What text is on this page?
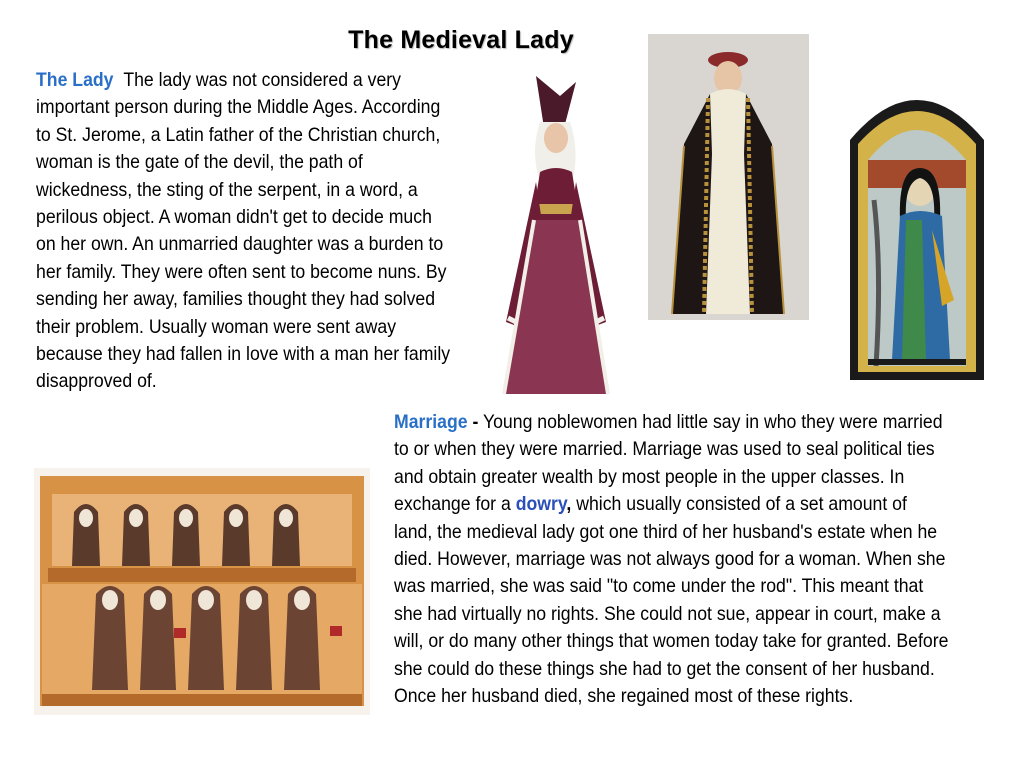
The Medieval Lady
The Lady The lady was not considered a very important person during the Middle Ages. According to St. Jerome, a Latin father of the Christian church, woman is the gate of the devil, the path of wickedness, the sting of the serpent, in a word, a perilous object. A woman didn't get to decide much on her own. An unmarried daughter was a burden to her family. They were often sent to become nuns. By sending her away, families thought they had solved their problem. Usually woman were sent away because they had fallen in love with a man her family disapproved of.
Marriage - Young noblewomen had little say in who they were married to or when they were married. Marriage was used to seal political ties and obtain greater wealth by most people in the upper classes. In exchange for a dowry, which usually consisted of a set amount of land, the medieval lady got one third of her husband's estate when he died. However, marriage was not always good for a woman. When she was married, she was said "to come under the rod". This meant that she had virtually no rights. She could not sue, appear in court, make a will, or do many other things that women today take for granted. Before she could do these things she had to get the consent of her husband. Once her husband died, she regained most of these rights.
